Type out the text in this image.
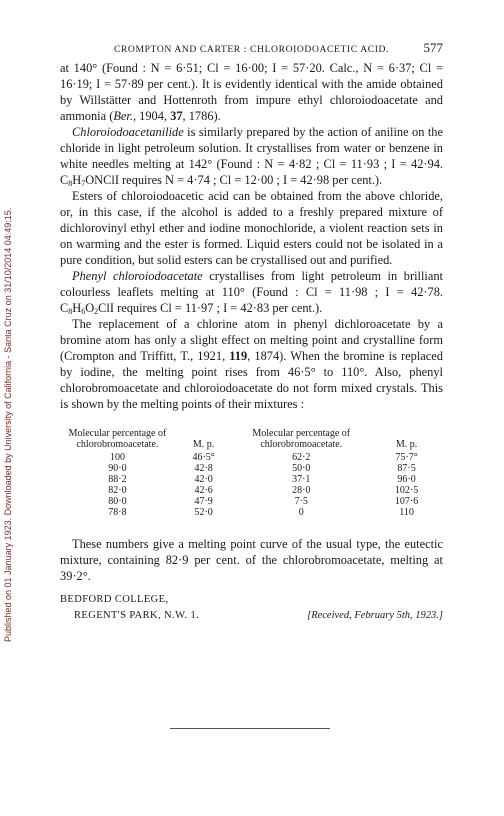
Published on 01 January 1923. Downloaded by University of California - Santa Cruz on 31/10/2014 04:49:15.
CROMPTON AND CARTER : CHLOROIODOACETIC ACID.	577

at 140° (Found : N = 6·51; Cl = 16·00; I = 57·20. Calc., N = 6·37; Cl = 16·19; I = 57·89 per cent.). It is evidently identical with the amide obtained by Willstätter and Hottenroth from impure ethyl chloroiodoacetate and ammonia (Ber., 1904, 37, 1786).

Chloroiodoacetanilide is similarly prepared by the action of aniline on the chloride in light petroleum solution. It crystallises from water or benzene in white needles melting at 142° (Found : N = 4·82 ; Cl = 11·93 ; I = 42·94. $C_8H_7ONClI$ requires N = 4·74 ; Cl = 12·00 ; I = 42·98 per cent.).

Esters of chloroiodoacetic acid can be obtained from the above chloride, or, in this case, if the alcohol is added to a freshly prepared mixture of dichlorovinyl ethyl ether and iodine monochloride, a violent reaction sets in on warming and the ester is formed. Liquid esters could not be isolated in a pure condition, but solid esters can be crystallised out and purified.

Phenyl chloroiodoacetate crystallises from light petroleum in brilliant colourless leaflets melting at 110° (Found : Cl = 11·98 ; I = 42·78. $C_8H_6O_2ClI$ requires Cl = 11·97 ; I = 42·83 per cent.).

The replacement of a chlorine atom in phenyl dichloroacetate by a bromine atom has only a slight effect on melting point and crystalline form (Crompton and Triffitt, T., 1921, 119, 1874). When the bromine is replaced by iodine, the melting point rises from 46·5° to 110°. Also, phenyl chlorobromoacetate and chloroiodoacetate do not form mixed crystals. This is shown by the melting points of their mixtures :

Molecular percentage of chlorobromoacetate.	M. p.	Molecular percentage of chlorobromoacetate.	M. p.
100	46·5°	62·2	75·7°
90·0	42·8	50·0	87·5
88·2	42·0	37·1	96·0
82·0	42·6	28·0	102·5
80·0	47·9	7·5	107·6
78·8	52·0	0	110

These numbers give a melting point curve of the usual type, the eutectic mixture, containing 82·9 per cent. of the chlorobromoacetate, melting at 39·2°.

BEDFORD COLLEGE,
REGENT'S PARK, N.W. 1.	[Received, February 5th, 1923.]
